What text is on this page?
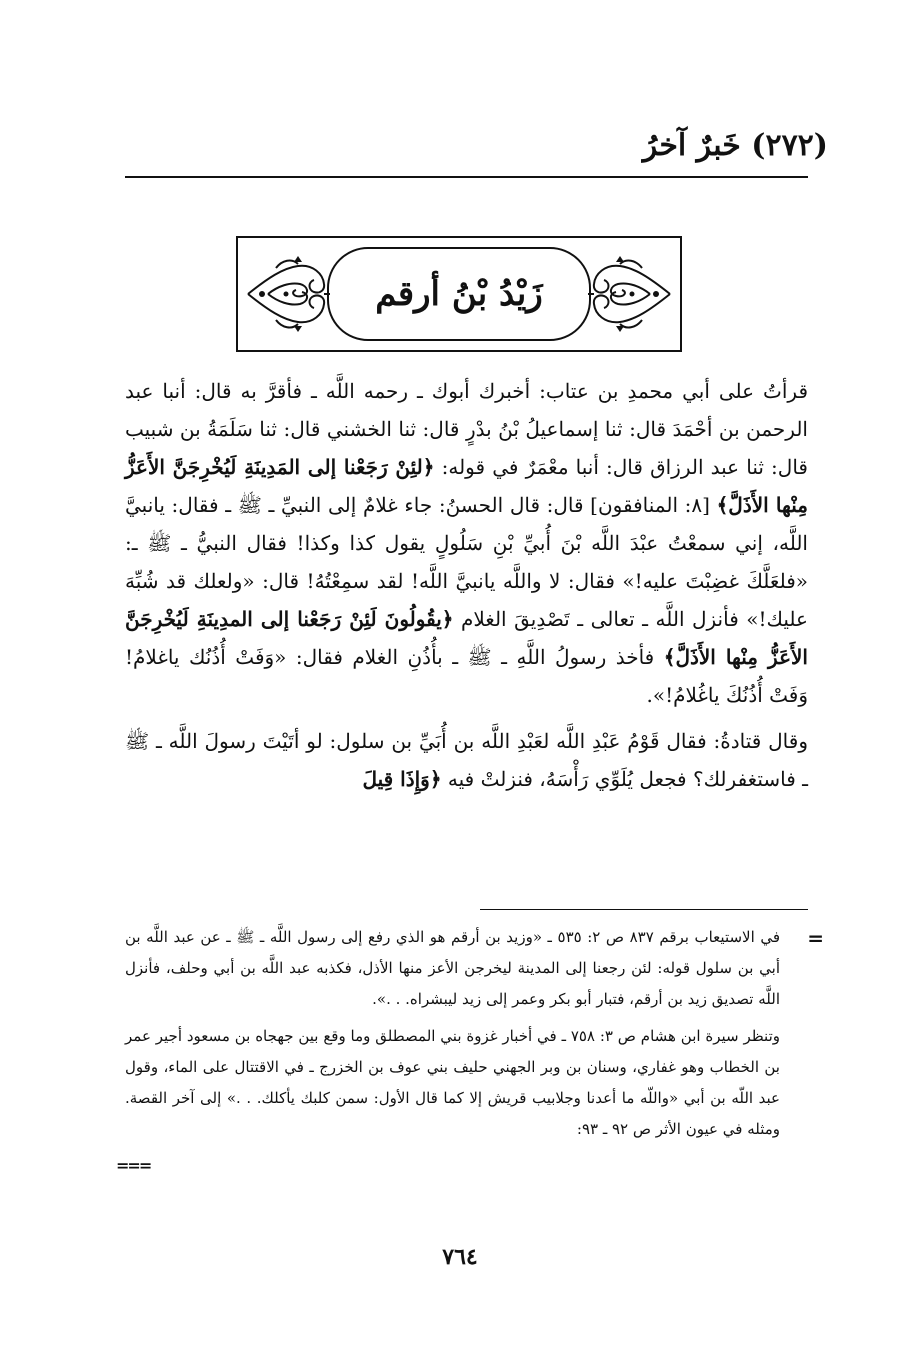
(٢٧٢) خَبرٌ آخرُ
زَيْدُ بْنُ أرقم

قرأتُ على أبي محمدِ بن عتاب: أخبرك أبوك ـ رحمه اللَّه ـ فأقرَّ به قال: أنبا عبد الرحمن بن أحْمَدَ قال: ثنا إسماعيلُ بْنُ بدْرٍ قال: ثنا الخشني قال: ثنا سَلَمَةُ بن شبيب قال: ثنا عبد الرزاق قال: أنبا معْمَرٌ في قوله: ﴿لئِنْ رَجَعْنا إلى المَدِينَةِ لَيُخْرِجَنَّ الأَعَزُّ مِنْها الأَذَلَّ﴾ [٨: المنافقون] قال: قال الحسنُ: جاء غلامٌ إلى النبيِّ ـ ﷺ ـ فقال: يانبيَّ اللَّه، إني سمعْتُ عبْدَ اللَّه بْنَ أُبيِّ بْنِ سَلُولٍ يقول كذا وكذا! فقال النبيُّ ـ ﷺ ـ: «فلعَلَّكَ غضِبْتَ عليه!» فقال: لا واللَّه يانبيَّ اللَّه! لقد سمِعْتُهُ! قال: «ولعلك قد شُبِّهَ عليك!» فأنزل اللَّه ـ تعالى ـ تَصْدِيقَ الغلام ﴿يقُولُونَ لَئِنْ رَجَعْنا إلى المدِينَةِ لَيُخْرِجَنَّ الأَعَزُّ مِنْها الأَذَلَّ﴾ فأخذ رسولُ اللَّهِ ـ ﷺ ـ بأُذُنِ الغلام فقال: «وَفَتْ أُذُنُك ياغلامُ! وَفَتْ أُذُنُكَ ياغُلامُ!».

وقال قتادةُ: فقال قَوْمُ عَبْدِ اللَّه لعَبْدِ اللَّه بن أُبَيِّ بن سلول: لو أتَيْتَ رسولَ اللَّه ـ ﷺ ـ فاستغفرلك؟ فجعل يُلَوِّي رَأْسَهُ، فنزلتْ فيه ﴿وَإِذَا قِيلَ

=

في الاستيعاب برقم ٨٣٧ ص ٢: ٥٣٥ ـ «وزيد بن أرقم هو الذي رفع إلى رسول اللَّه ـ ﷺ ـ عن عبد اللَّه بن أبي بن سلول قوله: لئن رجعنا إلى المدينة ليخرجن الأعز منها الأذل، فكذبه عبد اللَّه بن أبي وحلف، فأنزل اللَّه تصديق زيد بن أرقم، فتبار أبو بكر وعمر إلى زيد ليبشراه. . .».

وتنظر سيرة ابن هشام ص ٣: ٧٥٨ ـ في أخبار غزوة بني المصطلق وما وقع بين جهجاه بن مسعود أجير عمر بن الخطاب وهو غفاري، وسنان بن وبر الجهني حليف بني عوف بن الخزرج ـ في الاقتتال على الماء، وقول عبد اللّه بن أبي «واللّه ما أعدنا وجلابيب قريش إلا كما قال الأول: سمن كلبك يأكلك. . .» إلى آخر القصة. ومثله في عيون الأثر ص ٩٢ ـ ٩٣:

===
٧٦٤
